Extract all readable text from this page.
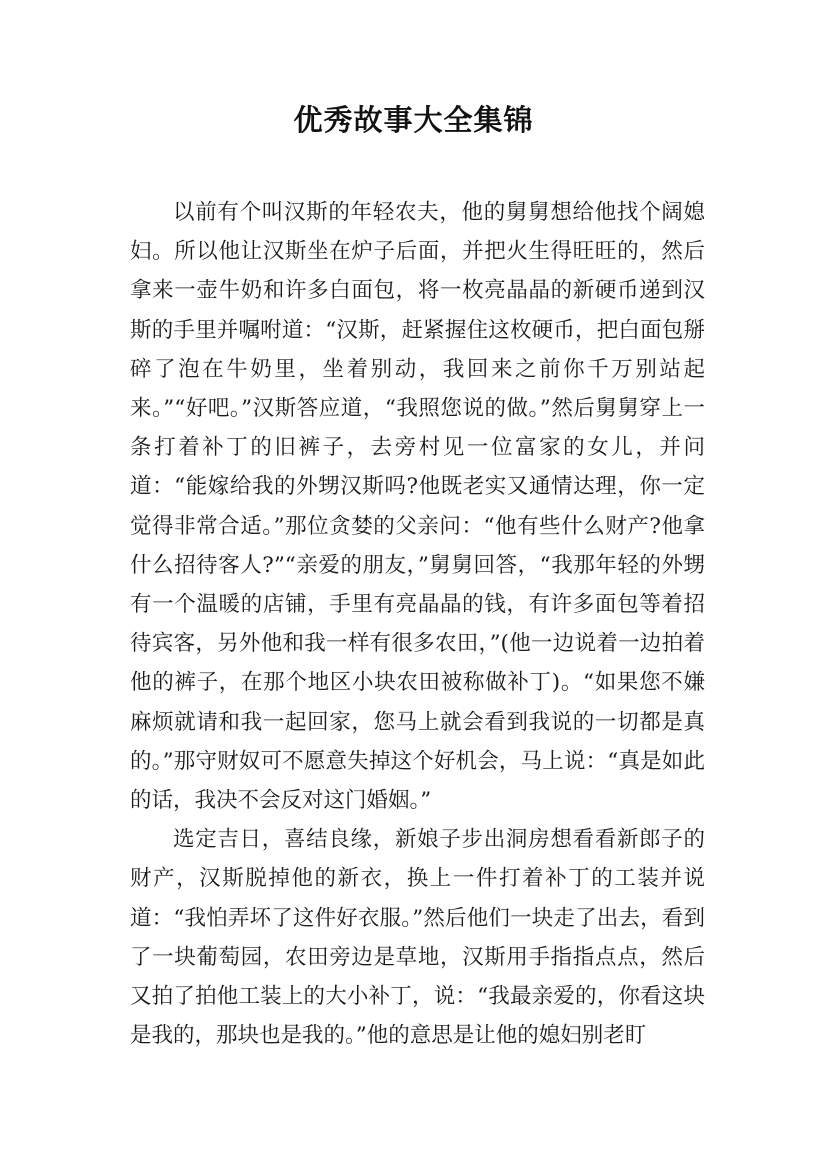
优秀故事大全集锦

以前有个叫汉斯的年轻农夫，他的舅舅想给他找个阔媳妇。所以他让汉斯坐在炉子后面，并把火生得旺旺的，然后拿来一壶牛奶和许多白面包，将一枚亮晶晶的新硬币递到汉斯的手里并嘱咐道：“汉斯，赶紧握住这枚硬币，把白面包掰碎了泡在牛奶里，坐着别动，我回来之前你千万别站起来。”“好吧。”汉斯答应道，“我照您说的做。”然后舅舅穿上一条打着补丁的旧裤子，去旁村见一位富家的女儿，并问道：“能嫁给我的外甥汉斯吗?他既老实又通情达理，你一定觉得非常合适。”那位贪婪的父亲问：“他有些什么财产?他拿什么招待客人?”“亲爱的朋友，”舅舅回答，“我那年轻的外甥有一个温暖的店铺，手里有亮晶晶的钱，有许多面包等着招待宾客，另外他和我一样有很多农田，”(他一边说着一边拍着他的裤子，在那个地区小块农田被称做补丁)。“如果您不嫌麻烦就请和我一起回家，您马上就会看到我说的一切都是真的。”那守财奴可不愿意失掉这个好机会，马上说：“真是如此的话，我决不会反对这门婚姻。”

选定吉日，喜结良缘，新娘子步出洞房想看看新郎子的财产，汉斯脱掉他的新衣，换上一件打着补丁的工装并说道：“我怕弄坏了这件好衣服。”然后他们一块走了出去，看到了一块葡萄园，农田旁边是草地，汉斯用手指指点点，然后又拍了拍他工装上的大小补丁，说：“我最亲爱的，你看这块是我的，那块也是我的。”他的意思是让他的媳妇别老盯
